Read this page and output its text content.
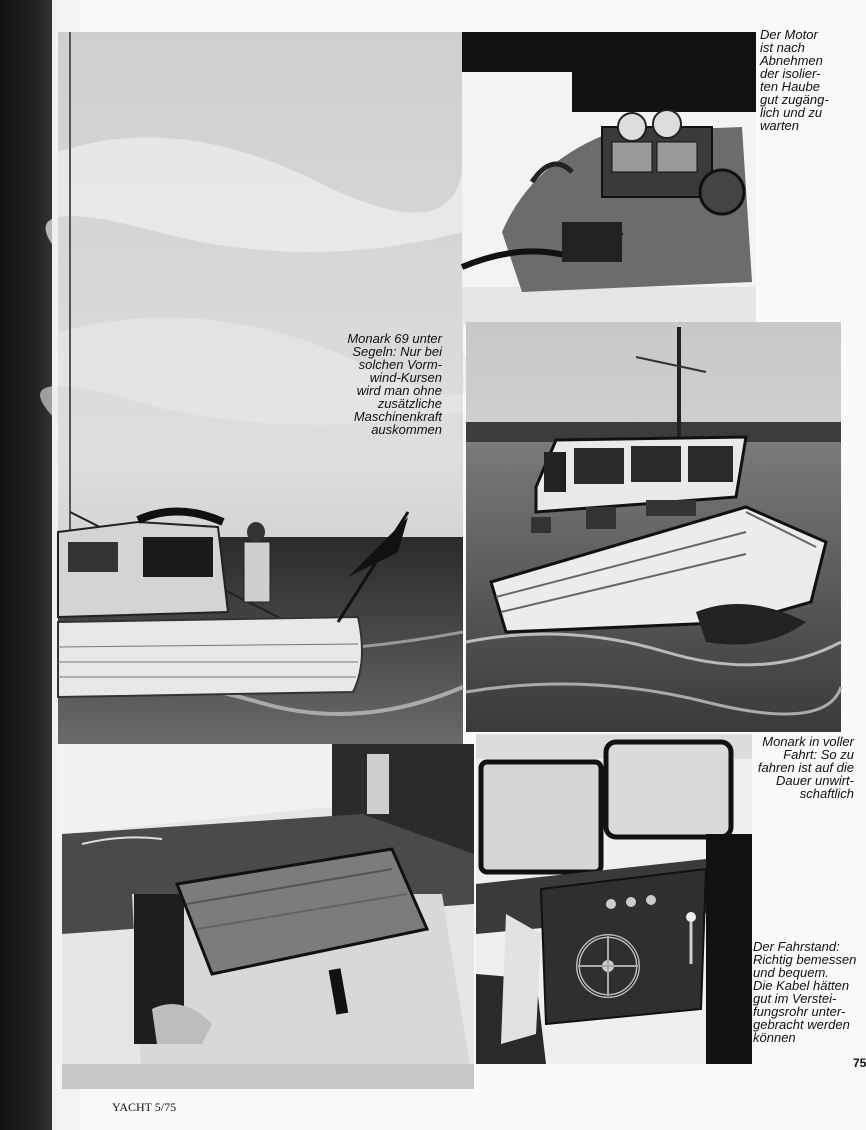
Der Motor
ist nach
Abnehmen
der isolier-
ten Haube
gut zugäng-
lich und zu
warten
Monark 69 unter
Segeln: Nur bei
solchen Vorm-
wind-Kursen
wird man ohne
zusätzliche
Maschinenkraft
auskommen
Monark in voller
Fahrt: So zu
fahren ist auf die
Dauer unwirt-
schaftlich
Der Fahrstand:
Richtig bemessen
und bequem.
Die Kabel hätten
gut im Verstei-
fungsrohr unter-
gebracht werden
können
YACHT 5/75
75
